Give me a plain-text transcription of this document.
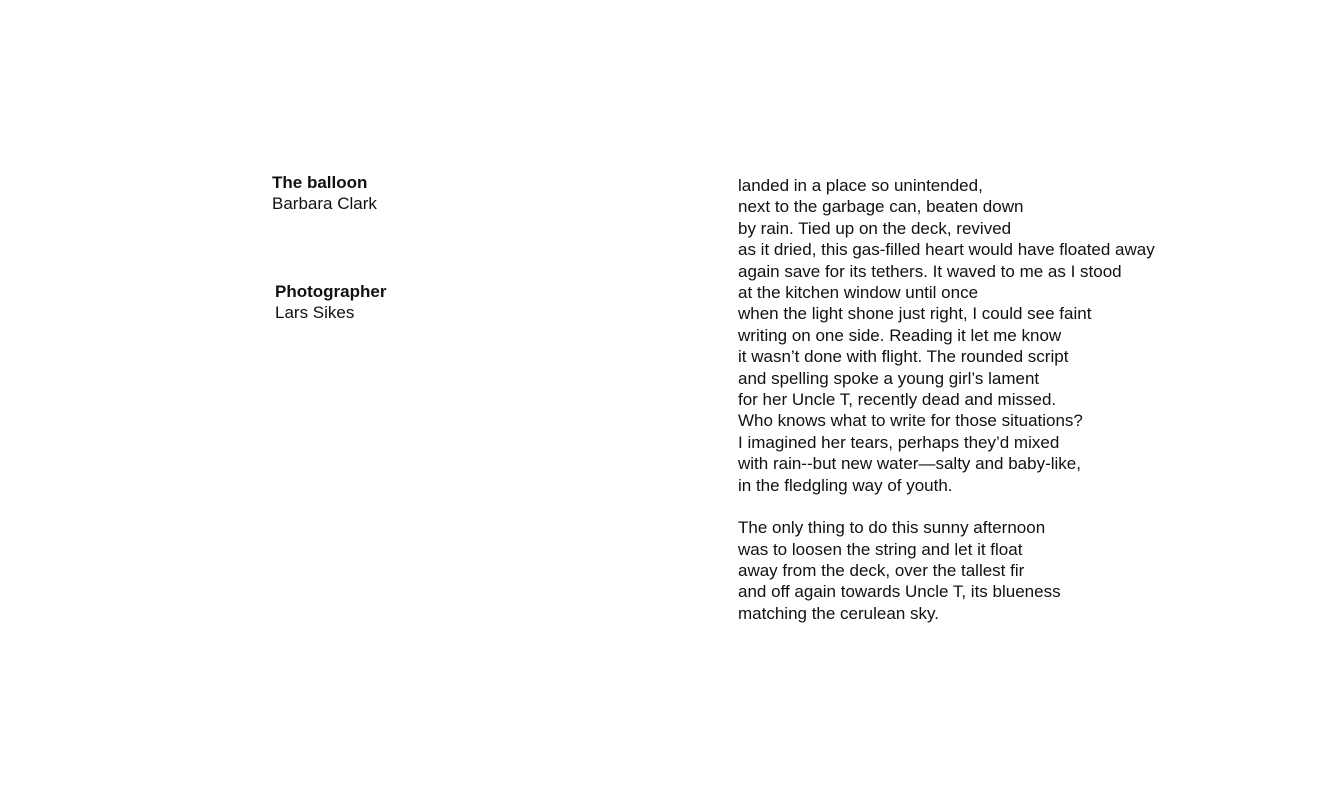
The balloon
Barbara Clark
Photographer
Lars Sikes
landed in a place so unintended,
next to the garbage can, beaten down
by rain. Tied up on the deck, revived
as it dried, this gas-filled heart would have floated away
again save for its tethers. It waved to me as I stood
at the kitchen window until once
when the light shone just right, I could see faint
writing on one side. Reading it let me know
it wasn’t done with flight. The rounded script
and spelling spoke a young girl’s lament
for her Uncle T, recently dead and missed.
Who knows what to write for those situations?
I imagined her tears, perhaps they’d mixed
with rain--but new water—salty and baby-like,
in the fledgling way of youth.
The only thing to do this sunny afternoon
was to loosen the string and let it float
away from the deck, over the tallest fir
and off again towards Uncle T, its blueness
matching the cerulean sky.
